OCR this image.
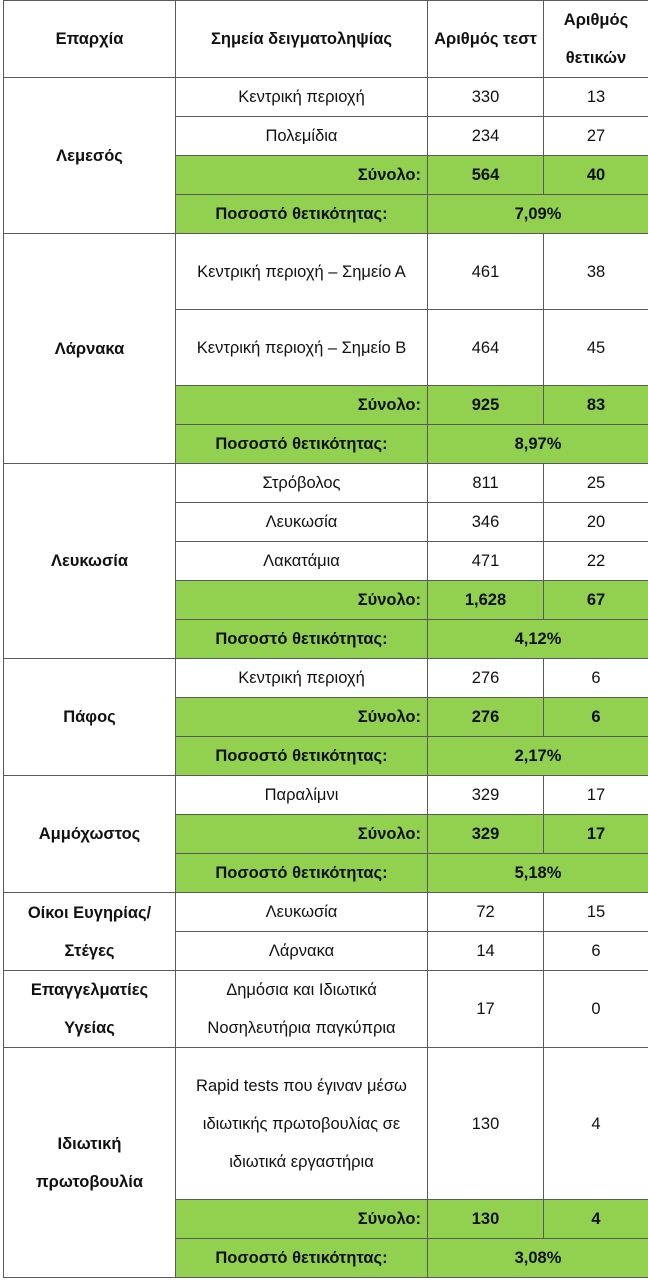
Επαρχία	Σημεία δειγματοληψίας	Αριθμός τεστ	Αριθμός θετικών
Λεμεσός	Κεντρική περιοχή	330	13
	Πολεμίδια	234	27
	Σύνολο:	564	40
	Ποσοστό θετικότητας:	7,09%	
Λάρνακα	Κεντρική περιοχή – Σημείο Α	461	38
	Κεντρική περιοχή – Σημείο Β	464	45
	Σύνολο:	925	83
	Ποσοστό θετικότητας:	8,97%	
Λευκωσία	Στρόβολος	811	25
	Λευκωσία	346	20
	Λακατάμια	471	22
	Σύνολο:	1,628	67
	Ποσοστό θετικότητας:	4,12%	
Πάφος	Κεντρική περιοχή	276	6
	Σύνολο:	276	6
	Ποσοστό θετικότητας:	2,17%	
Αμμόχωστος	Παραλίμνι	329	17
	Σύνολο:	329	17
	Ποσοστό θετικότητας:	5,18%	
Οίκοι Ευγηρίας/Στέγες	Λευκωσία	72	15
	Λάρνακα	14	6
Επαγγελματίες Υγείας	Δημόσια και Ιδιωτικά Νοσηλευτήρια παγκύπρια	17	0
Ιδιωτική πρωτοβουλία	Rapid tests που έγιναν μέσω ιδιωτικής πρωτοβουλίας σε ιδιωτικά εργαστήρια	130	4
	Σύνολο:	130	4
	Ποσοστό θετικότητας:	3,08%	
